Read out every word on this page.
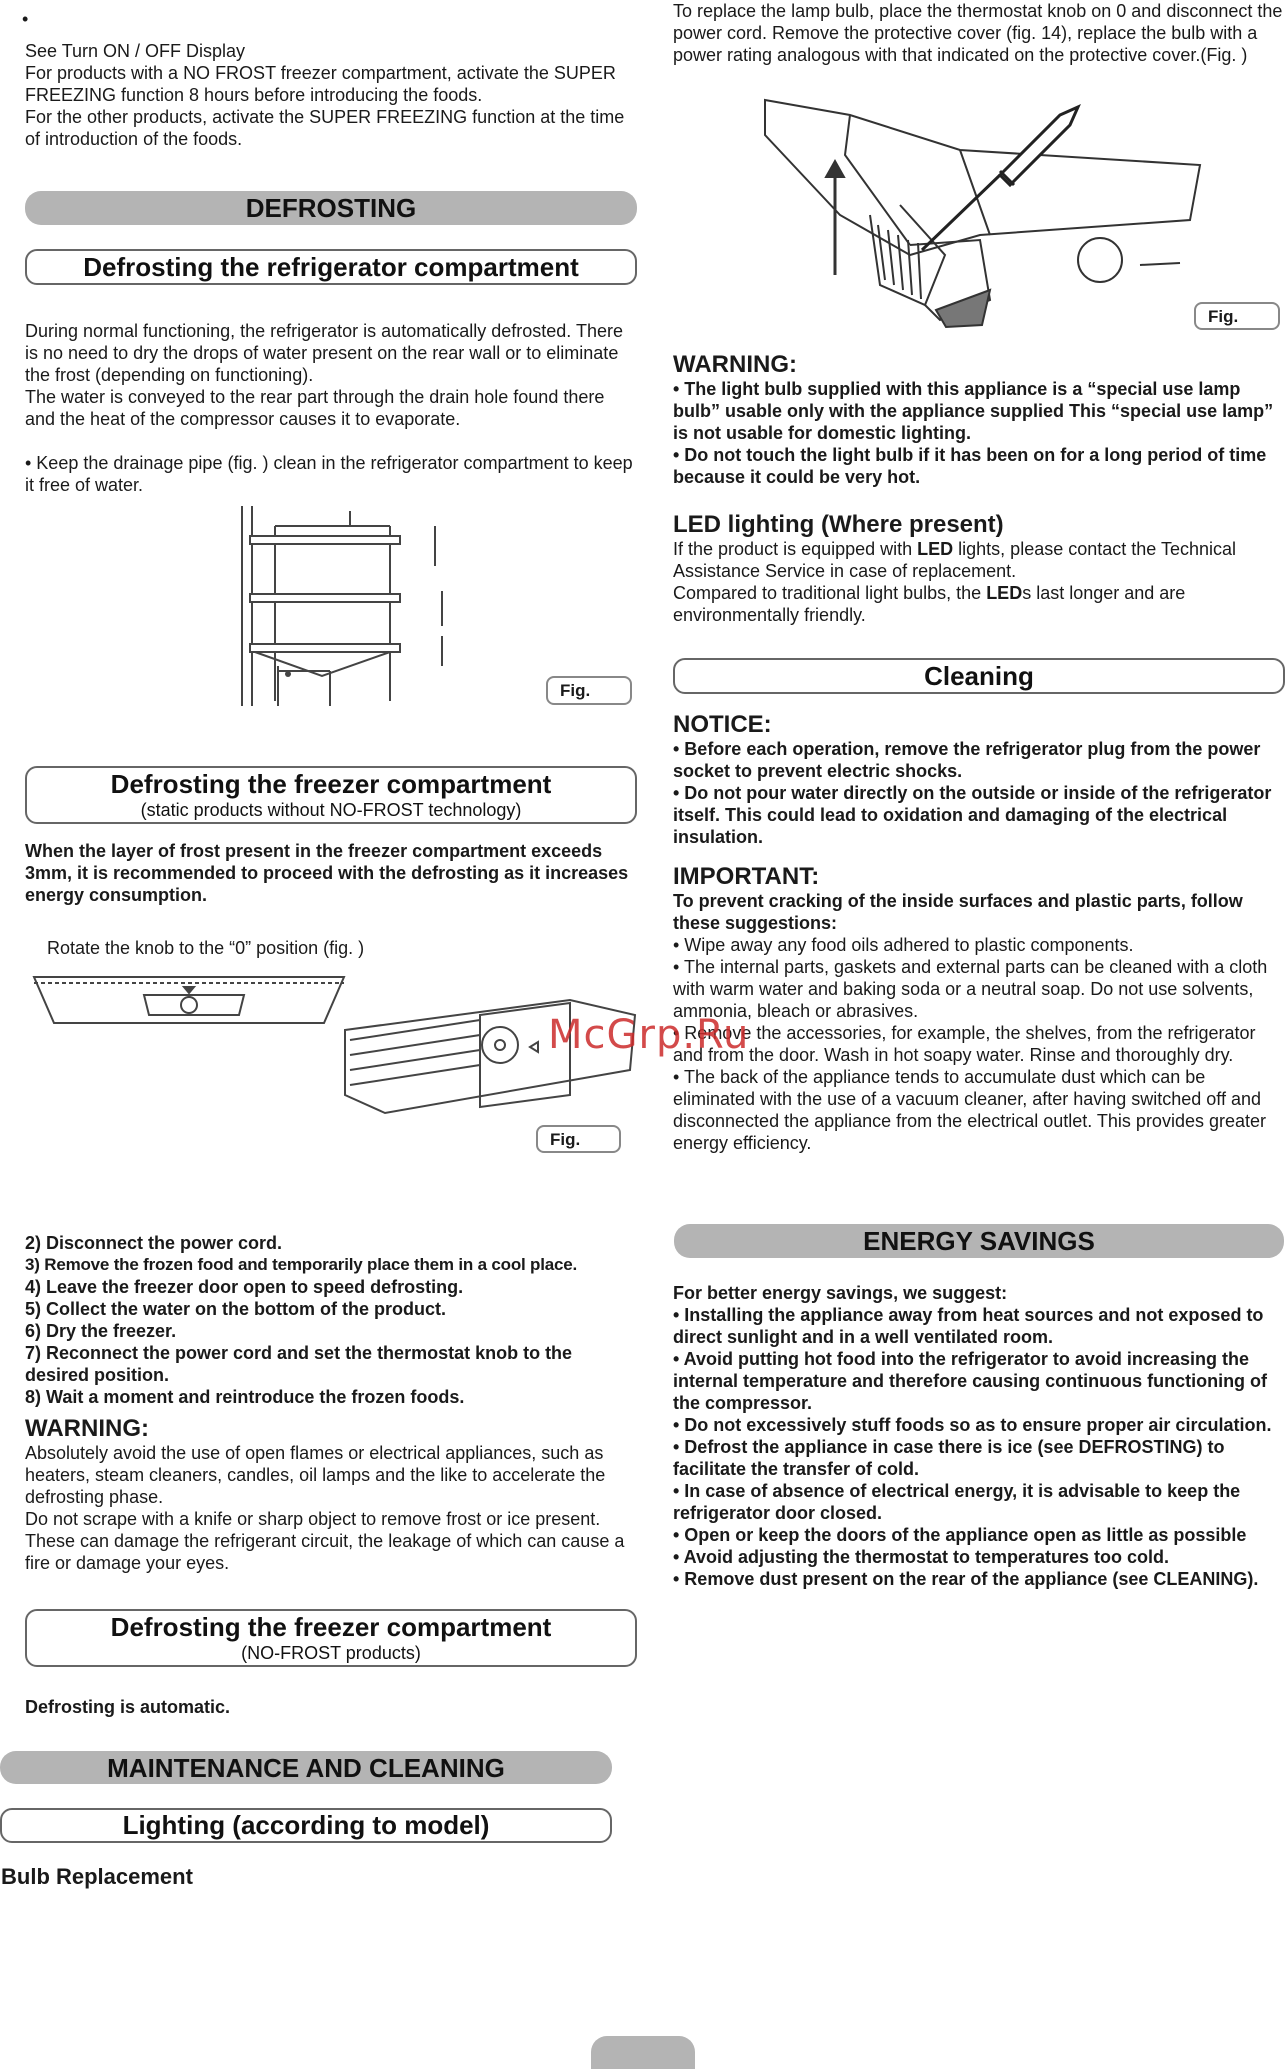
•

See Turn ON / OFF Display

For products with a NO FROST freezer compartment, activate the SUPER FREEZING function 8 hours before introducing the foods.

For the other products, activate the SUPER FREEZING function at the time of introduction of the foods.

DEFROSTING
Defrosting the refrigerator compartment

During normal functioning, the refrigerator is automatically defrosted. There is no need to dry the drops of water present on the rear wall or to eliminate the frost (depending on functioning).

The water is conveyed to the rear part through the drain hole found there and the heat of the compressor causes it to evaporate.

• Keep the drainage pipe (fig. ) clean in the refrigerator compartment to keep it free of water.

Fig.
Defrosting the freezer compartment
(static products without NO-FROST technology)
When the layer of frost present in the freezer compartment exceeds 3mm, it is recommended to proceed with the defrosting as it increases energy consumption.
Rotate the knob to the “0” position (fig. )
Fig.

2) Disconnect the power cord.

3) Remove the frozen food and temporarily place them in a cool place.

4) Leave the freezer door open to speed defrosting.

5) Collect the water on the bottom of the product.

6) Dry the freezer.

7) Reconnect the power cord and set the thermostat knob to the desired position.

8) Wait a moment and reintroduce the frozen foods.

WARNING:

Absolutely avoid the use of open flames or electrical appliances, such as heaters, steam cleaners, candles, oil lamps and the like to accelerate the defrosting phase.

Do not scrape with a knife or sharp object to remove frost or ice present. These can damage the refrigerant circuit, the leakage of which can cause a fire or damage your eyes.

Defrosting the freezer compartment
(NO-FROST products)
Defrosting is automatic.
MAINTENANCE AND CLEANING
Lighting (according to model)

Bulb Replacement

To replace the lamp bulb, place the thermostat knob on 0 and disconnect the power cord. Remove the protective cover (fig. 14), replace the bulb with a power rating analogous with that indicated on the protective cover.(Fig. )
Fig.

WARNING:

• The light bulb supplied with this appliance is a “special use lamp bulb” usable only with the appliance supplied This “special use lamp” is not usable for domestic lighting.

• Do not touch the light bulb if it has been on for a long period of time because it could be very hot.

LED lighting (Where present)

If the product is equipped with LED lights, please contact the Technical Assistance Service in case of replacement.

Compared to traditional light bulbs, the LEDs last longer and are environmentally friendly.

Cleaning

NOTICE:

• Before each operation, remove the refrigerator plug from the power socket to prevent electric shocks.

• Do not pour water directly on the outside or inside of the refrigerator itself. This could lead to oxidation and damaging of the electrical insulation.

IMPORTANT:

To prevent cracking of the inside surfaces and plastic parts, follow these suggestions:

• Wipe away any food oils adhered to plastic components.

• The internal parts, gaskets and external parts can be cleaned with a cloth with warm water and baking soda or a neutral soap. Do not use solvents, ammonia, bleach or abrasives.

• Remove the accessories, for example, the shelves, from the refrigerator and from the door. Wash in hot soapy water. Rinse and thoroughly dry.

• The back of the appliance tends to accumulate dust which can be eliminated with the use of a vacuum cleaner, after having switched off and disconnected the appliance from the electrical outlet. This provides greater energy efficiency.

McGrp.Ru
ENERGY SAVINGS

For better energy savings, we suggest:

• Installing the appliance away from heat sources and not exposed to direct sunlight and in a well ventilated room.

• Avoid putting hot food into the refrigerator to avoid increasing the internal temperature and therefore causing continuous functioning of the compressor.

• Do not excessively stuff foods so as to ensure proper air circulation.

• Defrost the appliance in case there is ice (see DEFROSTING) to facilitate the transfer of cold.

• In case of absence of electrical energy, it is advisable to keep the refrigerator door closed.

• Open or keep the doors of the appliance open as little as possible

• Avoid adjusting the thermostat to temperatures too cold.

• Remove dust present on the rear of the appliance (see CLEANING).
